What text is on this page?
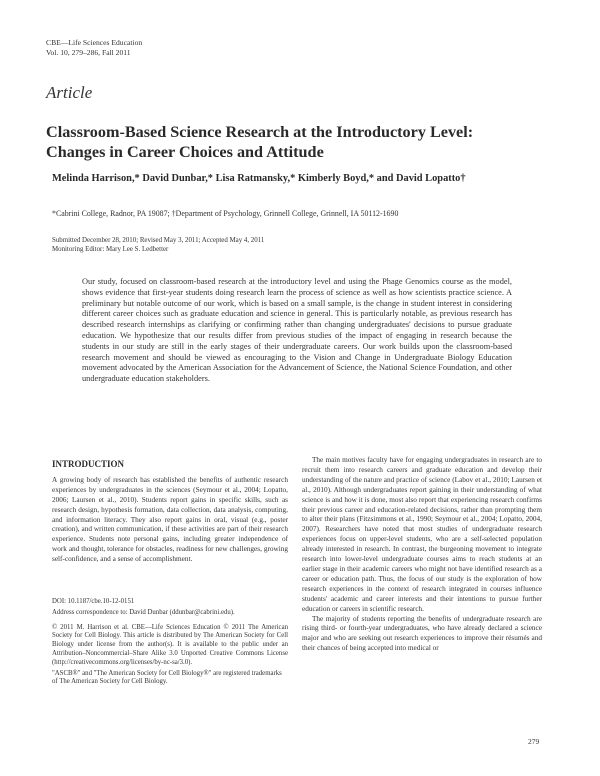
CBE—Life Sciences Education
Vol. 10, 279–286, Fall 2011
Article
Classroom-Based Science Research at the Introductory Level: Changes in Career Choices and Attitude
Melinda Harrison,* David Dunbar,* Lisa Ratmansky,* Kimberly Boyd,* and David Lopatto†
*Cabrini College, Radnor, PA 19087; †Department of Psychology, Grinnell College, Grinnell, IA 50112-1690
Submitted December 28, 2010; Revised May 3, 2011; Accepted May 4, 2011
Monitoring Editor: Mary Lee S. Ledbetter
Our study, focused on classroom-based research at the introductory level and using the Phage Genomics course as the model, shows evidence that first-year students doing research learn the process of science as well as how scientists practice science. A preliminary but notable outcome of our work, which is based on a small sample, is the change in student interest in considering different career choices such as graduate education and science in general. This is particularly notable, as previous research has described research internships as clarifying or confirming rather than changing undergraduates' decisions to pursue graduate education. We hypothesize that our results differ from previous studies of the impact of engaging in research because the students in our study are still in the early stages of their undergraduate careers. Our work builds upon the classroom-based research movement and should be viewed as encouraging to the Vision and Change in Undergraduate Biology Education movement advocated by the American Association for the Advancement of Science, the National Science Foundation, and other undergraduate education stakeholders.
INTRODUCTION

A growing body of research has established the benefits of authentic research experiences by undergraduates in the sciences (Seymour et al., 2004; Lopatto, 2006; Laursen et al., 2010). Students report gains in specific skills, such as research design, hypothesis formation, data collection, data analysis, computing, and information literacy. They also report gains in oral, visual (e.g., poster creation), and written communication, if these activities are part of their research experience. Students note personal gains, including greater independence of work and thought, tolerance for obstacles, readiness for new challenges, growing self-confidence, and a sense of accomplishment.

DOI: 10.1187/cbe.10-12-0151

Address correspondence to: David Dunbar (ddunbar@cabrini.edu).

© 2011 M. Harrison et al. CBE—Life Sciences Education © 2011 The American Society for Cell Biology. This article is distributed by The American Society for Cell Biology under license from the author(s). It is available to the public under an Attribution–Noncommercial–Share Alike 3.0 Unported Creative Commons License (http://creativecommons.org/licenses/by-nc-sa/3.0).

"ASCB®" and "The American Society for Cell Biology®" are registered trademarks of The American Society for Cell Biology.

The main motives faculty have for engaging undergraduates in research are to recruit them into research careers and graduate education and develop their understanding of the nature and practice of science (Labov et al., 2010; Laursen et al., 2010). Although undergraduates report gaining in their understanding of what science is and how it is done, most also report that experiencing research confirms their previous career and education-related decisions, rather than prompting them to alter their plans (Fitzsimmons et al., 1990; Seymour et al., 2004; Lopatto, 2004, 2007). Researchers have noted that most studies of undergraduate research experiences focus on upper-level students, who are a self-selected population already interested in research. In contrast, the burgeoning movement to integrate research into lower-level undergraduate courses aims to reach students at an earlier stage in their academic careers who might not have identified research as a career or education path. Thus, the focus of our study is the exploration of how research experiences in the context of research integrated in courses influence students' academic and career interests and their intentions to pursue further education or careers in scientific research.

The majority of students reporting the benefits of undergraduate research are rising third- or fourth-year undergraduates, who have already declared a science major and who are seeking out research experiences to improve their résumés and their chances of being accepted into medical or

279
